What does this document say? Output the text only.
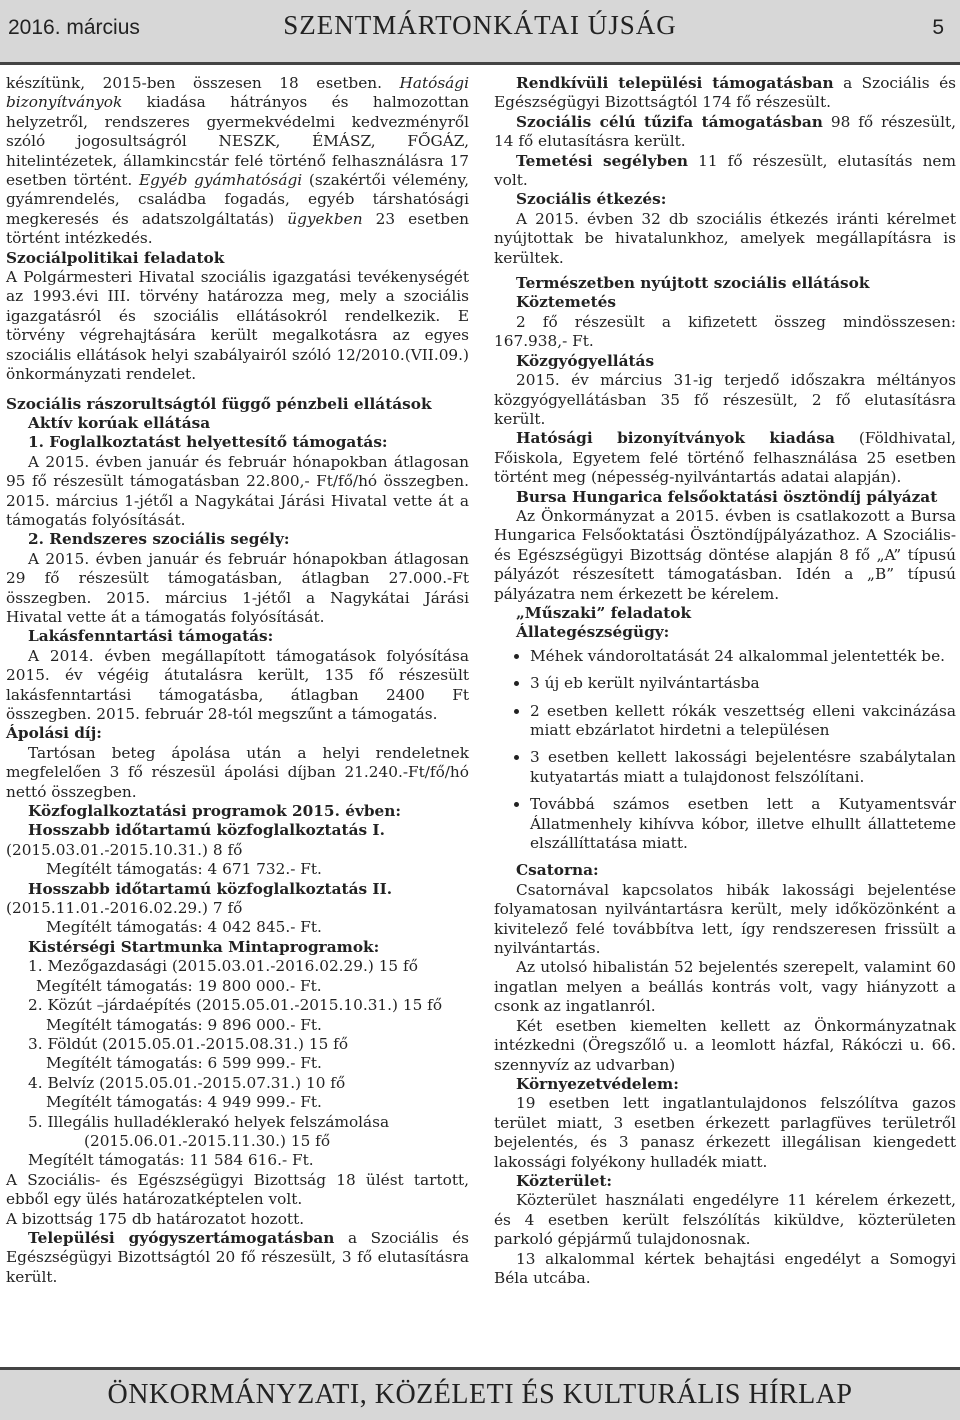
2016. március	SZENTMÁRTONKÁTAI ÚJSÁG	5

készítünk, 2015-ben összesen 18 esetben. Hatósági bizonyítványok kiadása hátrányos és halmozottan helyzetről, rendszeres gyermekvédelmi kedvezményről szóló jogosultságról NESZK, ÉMÁSZ, FŐGÁZ, hitelintézetek, államkincstár felé történő felhasználásra 17 esetben történt. Egyéb gyámhatósági (szakértői vélemény, gyámrendelés, családba fogadás, egyéb társhatósági megkeresés és adatszolgáltatás) ügyekben 23 esetben történt intézkedés.

Szociálpolitikai feladatok

A Polgármesteri Hivatal szociális igazgatási tevékenységét az 1993.évi III. törvény határozza meg, mely a szociális igazgatásról és szociális ellátásokról rendelkezik. E törvény végrehajtására került megalkotásra az egyes szociális ellátások helyi szabályairól szóló 12/2010.(VII.09.) önkormányzati rendelet.

Szociális rászorultságtól függő pénzbeli ellátások

Aktív korúak ellátása

1. Foglalkoztatást helyettesítő támogatás:

A 2015. évben január és február hónapokban átlagosan 95 fő részesült támogatásban 22.800,- Ft/fő/hó összegben. 2015. március 1-jétől a Nagykátai Járási Hivatal vette át a támogatás folyósítását.

2. Rendszeres szociális segély:

A 2015. évben január és február hónapokban átlagosan 29 fő részesült támogatásban, átlagban 27.000.-Ft összegben. 2015. március 1-jétől a Nagykátai Járási Hivatal vette át a támogatás folyósítását.

Lakásfenntartási támogatás:

A 2014. évben megállapított támogatások folyósítása 2015. év végéig átutalásra került, 135 fő részesült lakásfenntartási támogatásba, átlagban 2400 Ft összegben. 2015. február 28-tól megszűnt a támogatás.

Ápolási díj:

Tartósan beteg ápolása után a helyi rendeletnek megfelelően 3 fő részesül ápolási díjban 21.240.-Ft/fő/hó nettó összegben.

Közfoglalkoztatási programok 2015. évben:

Hosszabb időtartamú közfoglalkoztatás I.

(2015.03.01.-2015.10.31.) 8 fő

Megítélt támogatás: 4 671 732.- Ft.

Hosszabb időtartamú közfoglalkoztatás II.

(2015.11.01.-2016.02.29.) 7 fő

Megítélt támogatás: 4 042 845.- Ft.

Kistérségi Startmunka Mintaprogramok:

1. Mezőgazdasági (2015.03.01.-2016.02.29.) 15 fő

Megítélt támogatás: 19 800 000.- Ft.

2. Közút –járdaépítés (2015.05.01.-2015.10.31.) 15 fő

Megítélt támogatás: 9 896 000.- Ft.

3. Földút (2015.05.01.-2015.08.31.) 15 fő

Megítélt támogatás: 6 599 999.- Ft.

4. Belvíz (2015.05.01.-2015.07.31.) 10 fő

Megítélt támogatás: 4 949 999.- Ft.

5. Illegális hulladéklerakó helyek felszámolása

(2015.06.01.-2015.11.30.) 15 fő

Megítélt támogatás: 11 584 616.- Ft.

A Szociális- és Egészségügyi Bizottság 18 ülést tartott, ebből egy ülés határozatképtelen volt.

A bizottság 175 db határozatot hozott.

Települési gyógyszertámogatásban a Szociális és Egészségügyi Bizottságtól 20 fő részesült, 3 fő elutasításra került.

Rendkívüli települési támogatásban a Szociális és Egészségügyi Bizottságtól 174 fő részesült.

Szociális célú tűzifa támogatásban 98 fő részesült, 14 fő elutasításra került.

Temetési segélyben 11 fő részesült, elutasítás nem volt.

Szociális étkezés:

A 2015. évben 32 db szociális étkezés iránti kérelmet nyújtottak be hivatalunkhoz, amelyek megállapításra is kerültek.

Természetben nyújtott szociális ellátások

Köztemetés

2 fő részesült a kifizetett összeg mindösszesen: 167.938,- Ft.

Közgyógyellátás

2015. év március 31-ig terjedő időszakra méltányos közgyógyellátásban 35 fő részesült, 2 fő elutasításra került.

Hatósági bizonyítványok kiadása (Földhivatal, Főiskola, Egyetem felé történő felhasználása 25 esetben történt meg (népesség-nyilvántartás adatai alapján).

Bursa Hungarica felsőoktatási ösztöndíj pályázat

Az Önkormányzat a 2015. évben is csatlakozott a Bursa Hungarica Felsőoktatási Ösztöndíjpályázathoz. A Szociális- és Egészségügyi Bizottság döntése alapján 8 fő „A” típusú pályázót részesített támogatásban. Idén a „B” típusú pályázatra nem érkezett be kérelem.

„Műszaki” feladatok

Állategészségügy:

• Méhek vándoroltatását 24 alkalommal jelentették be.
• 3 új eb került nyilvántartásba
• 2 esetben kellett rókák veszettség elleni vakcinázása miatt ebzárlatot hirdetni a településen
• 3 esetben kellett lakossági bejelentésre szabálytalan kutyatartás miatt a tulajdonost felszólítani.
• Továbbá számos esetben lett a Kutyamentsvár Állatmenhely kihívva kóbor, illetve elhullt állatteteme elszállíttatása miatt.

Csatorna:

Csatornával kapcsolatos hibák lakossági bejelentése folyamatosan nyilvántartásra került, mely időközönként a kivitelező felé továbbítva lett, így rendszeresen frissült a nyilvántartás.

Az utolsó hibalistán 52 bejelentés szerepelt, valamint 60 ingatlan melyen a beállás kontrás volt, vagy hiányzott a csonk az ingatlanról.

Két esetben kiemelten kellett az Önkormányzatnak intézkedni (Öregszőlő u. a leomlott házfal, Rákóczi u. 66. szennyvíz az udvarban)

Környezetvédelem:

19 esetben lett ingatlantulajdonos felszólítva gazos terület miatt, 3 esetben érkezett parlagfüves területről bejelentés, és 3 panasz érkezett illegálisan kiengedett lakossági folyékony hulladék miatt.

Közterület:

Közterület használati engedélyre 11 kérelem érkezett, és 4 esetben került felszólítás kiküldve, közterületen parkoló gépjármű tulajdonosnak.

13 alkalommal kértek behajtási engedélyt a Somogyi Béla utcába.

ÖNKORMÁNYZATI, KÖZÉLETI ÉS KULTURÁLIS HÍRLAP
